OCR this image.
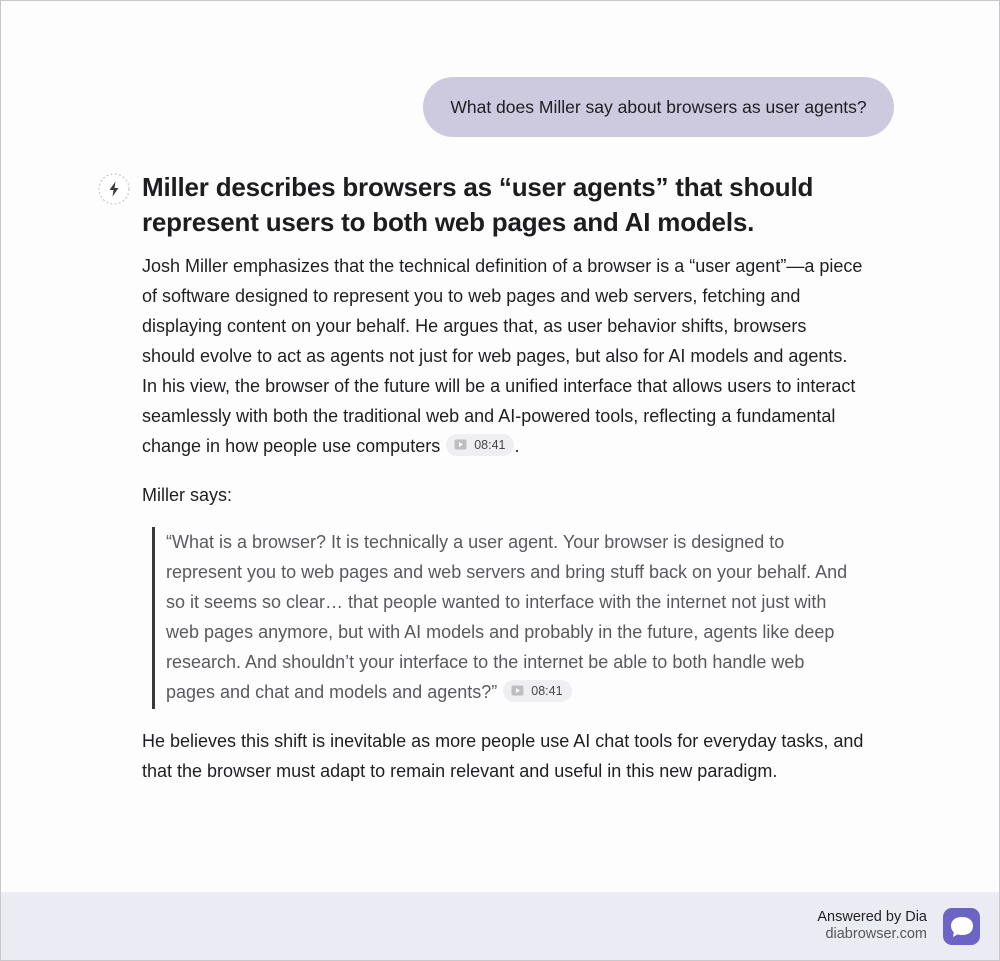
What does Miller say about browsers as user agents?
Miller describes browsers as “user agents” that should represent users to both web pages and AI models.

Josh Miller emphasizes that the technical definition of a browser is a “user agent”—a piece of software designed to represent you to web pages and web servers, fetching and displaying content on your behalf. He argues that, as user behavior shifts, browsers should evolve to act as agents not just for web pages, but also for AI models and agents. In his view, the browser of the future will be a unified interface that allows users to interact seamlessly with both the traditional web and AI-powered tools, reflecting a fundamental change in how people use computers	08:41 .

Miller says:

“What is a browser? It is technically a user agent. Your browser is designed to represent you to web pages and web servers and bring stuff back on your behalf. And so it seems so clear… that people wanted to interface with the internet not just with web pages anymore, but with AI models and probably in the future, agents like deep research. And shouldn’t your interface to the internet be able to both handle web pages and chat and models and agents?”	08:41

He believes this shift is inevitable as more people use AI chat tools for everyday tasks, and that the browser must adapt to remain relevant and useful in this new paradigm.

Answered by Dia
diabrowser.com
